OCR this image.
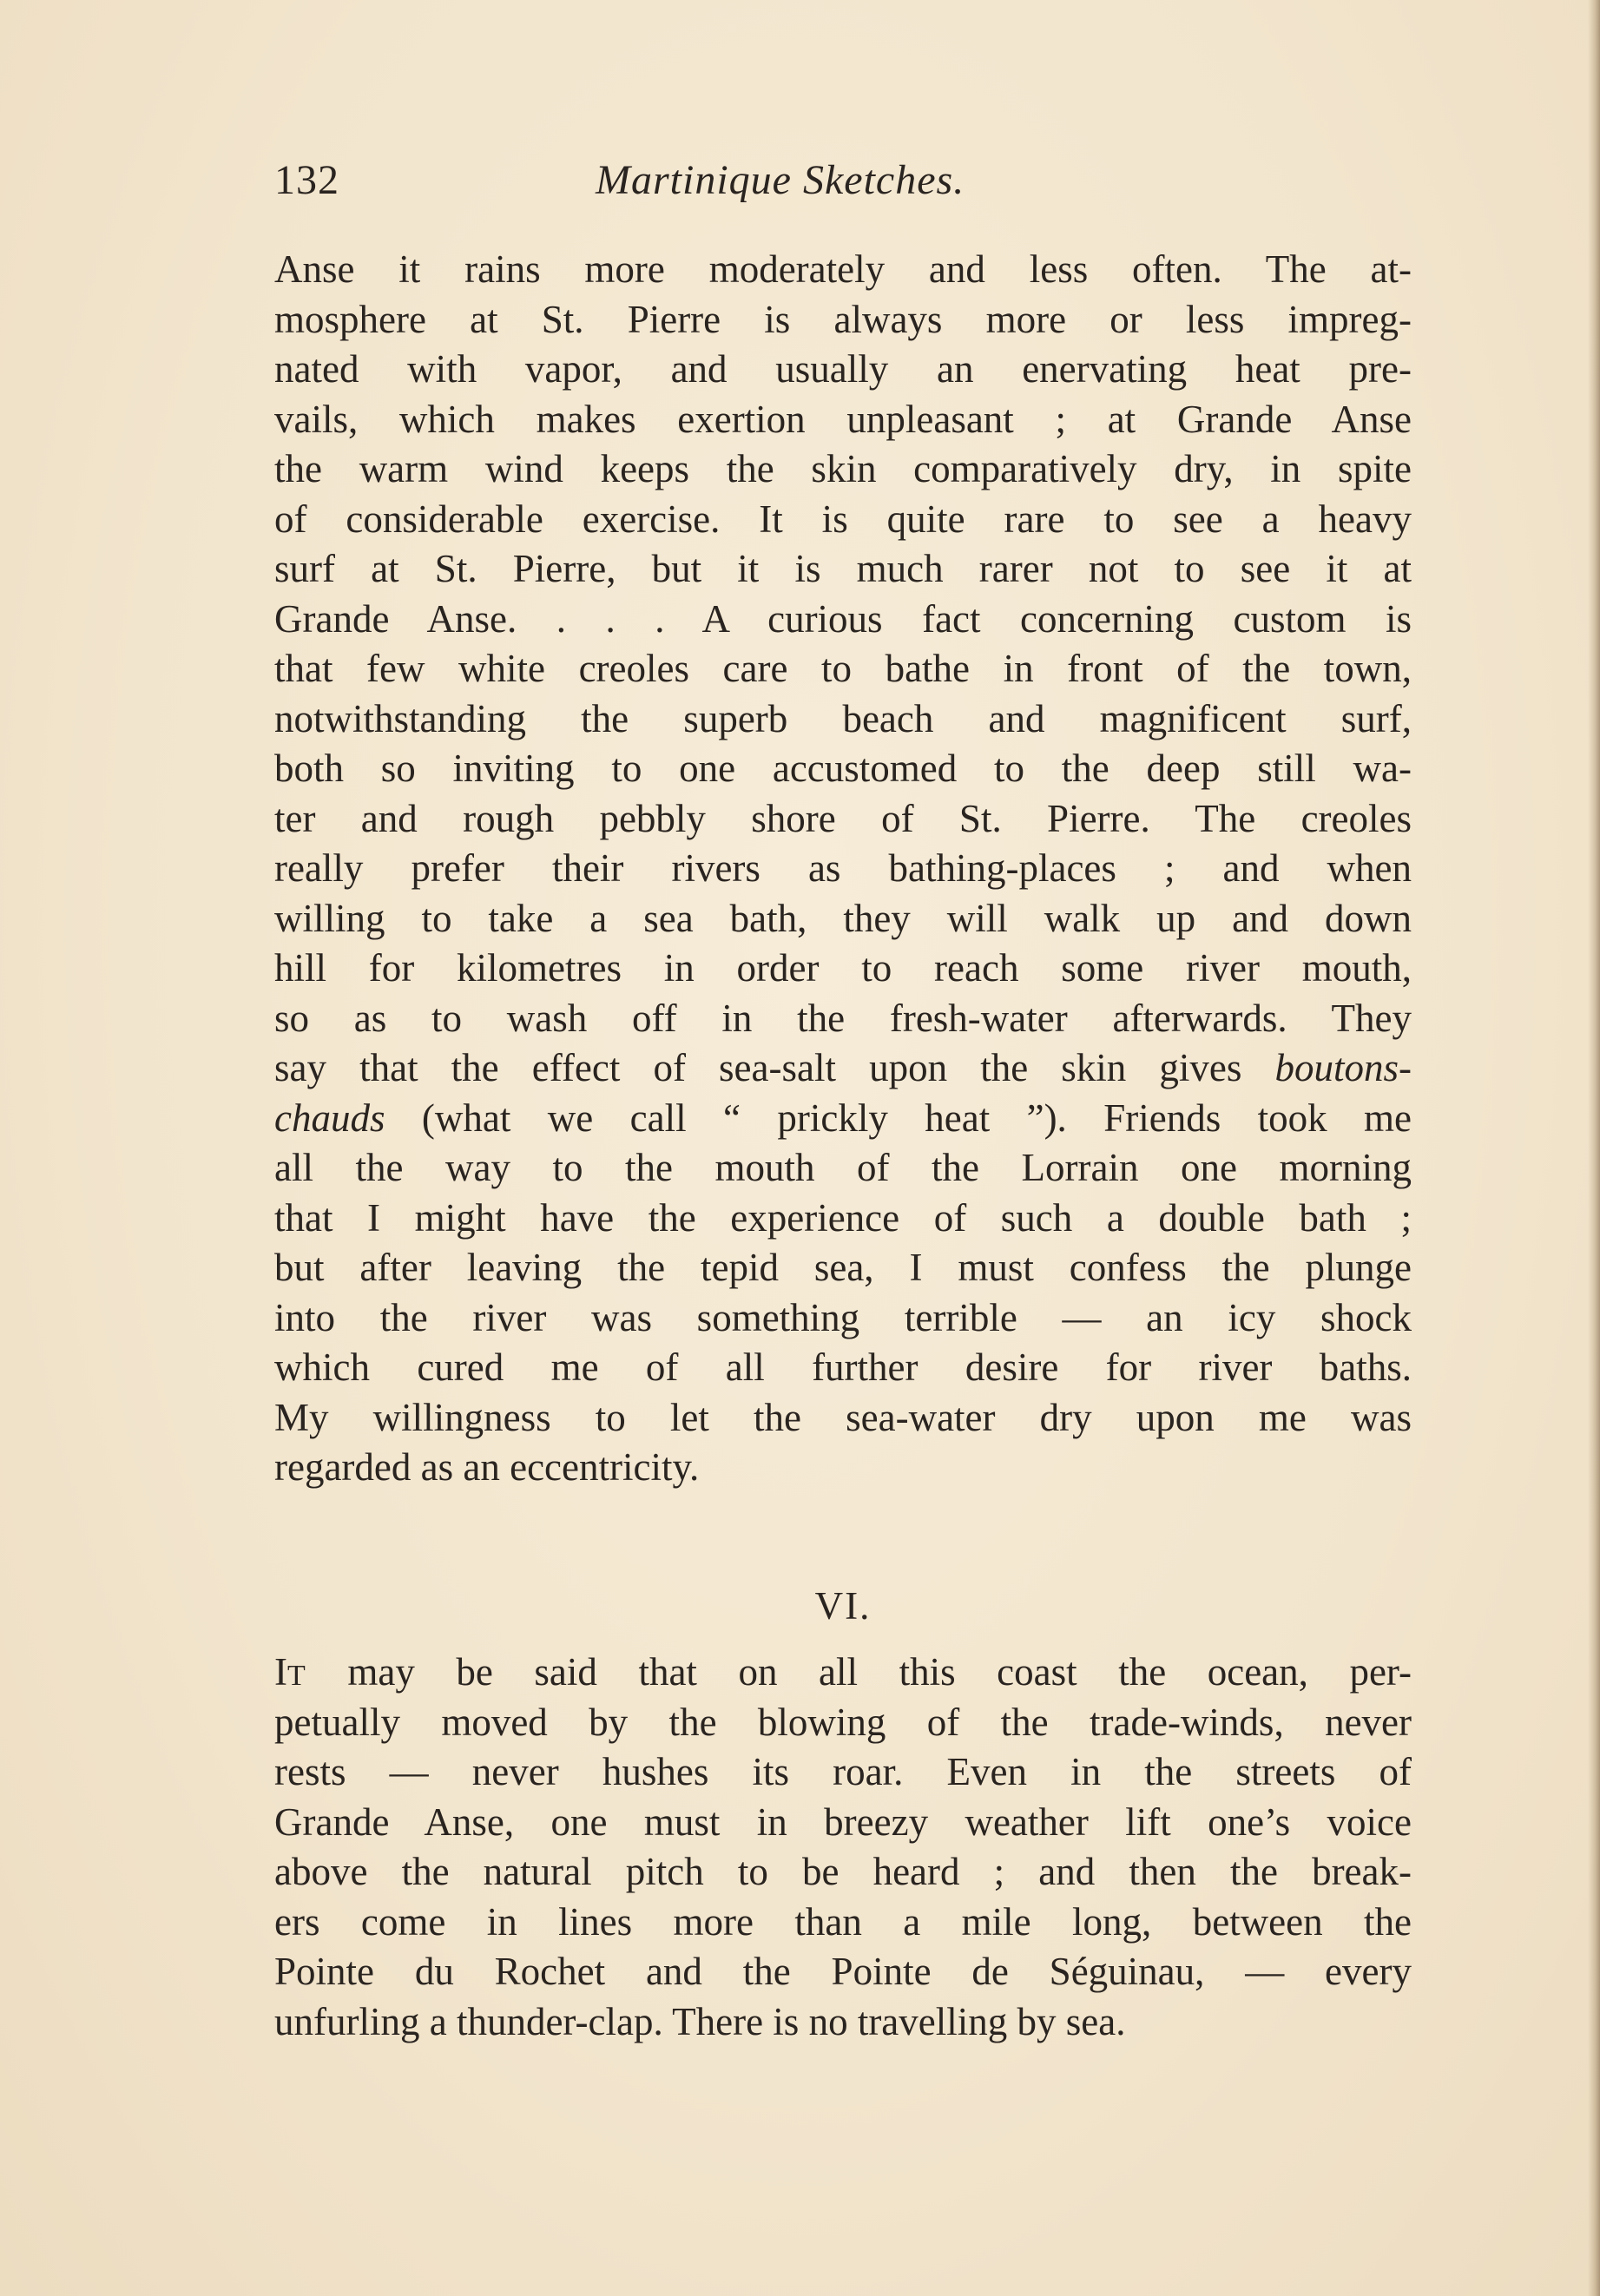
132	Martinique Sketches.
Anse it rains more moderately and less often. The at-
mosphere at St. Pierre is always more or less impreg-
nated with vapor, and usually an enervating heat pre-
vails, which makes exertion unpleasant ; at Grande Anse
the warm wind keeps the skin comparatively dry, in spite
of considerable exercise. It is quite rare to see a heavy
surf at St. Pierre, but it is much rarer not to see it at
Grande Anse. . . . A curious fact concerning custom is
that few white creoles care to bathe in front of the town,
notwithstanding the superb beach and magnificent surf,
both so inviting to one accustomed to the deep still wa-
ter and rough pebbly shore of St. Pierre. The creoles
really prefer their rivers as bathing-places ; and when
willing to take a sea bath, they will walk up and down
hill for kilometres in order to reach some river mouth,
so as to wash off in the fresh-water afterwards. They
say that the effect of sea-salt upon the skin gives boutons-
chauds (what we call “ prickly heat ”). Friends took me
all the way to the mouth of the Lorrain one morning
that I might have the experience of such a double bath ;
but after leaving the tepid sea, I must confess the plunge
into the river was something terrible — an icy shock
which cured me of all further desire for river baths.
My willingness to let the sea-water dry upon me was
regarded as an eccentricity.
VI.
IT may be said that on all this coast the ocean, per-
petually moved by the blowing of the trade-winds, never
rests — never hushes its roar. Even in the streets of
Grande Anse, one must in breezy weather lift one’s voice
above the natural pitch to be heard ; and then the break-
ers come in lines more than a mile long, between the
Pointe du Rochet and the Pointe de Séguinau, — every
unfurling a thunder-clap. There is no travelling by sea.
